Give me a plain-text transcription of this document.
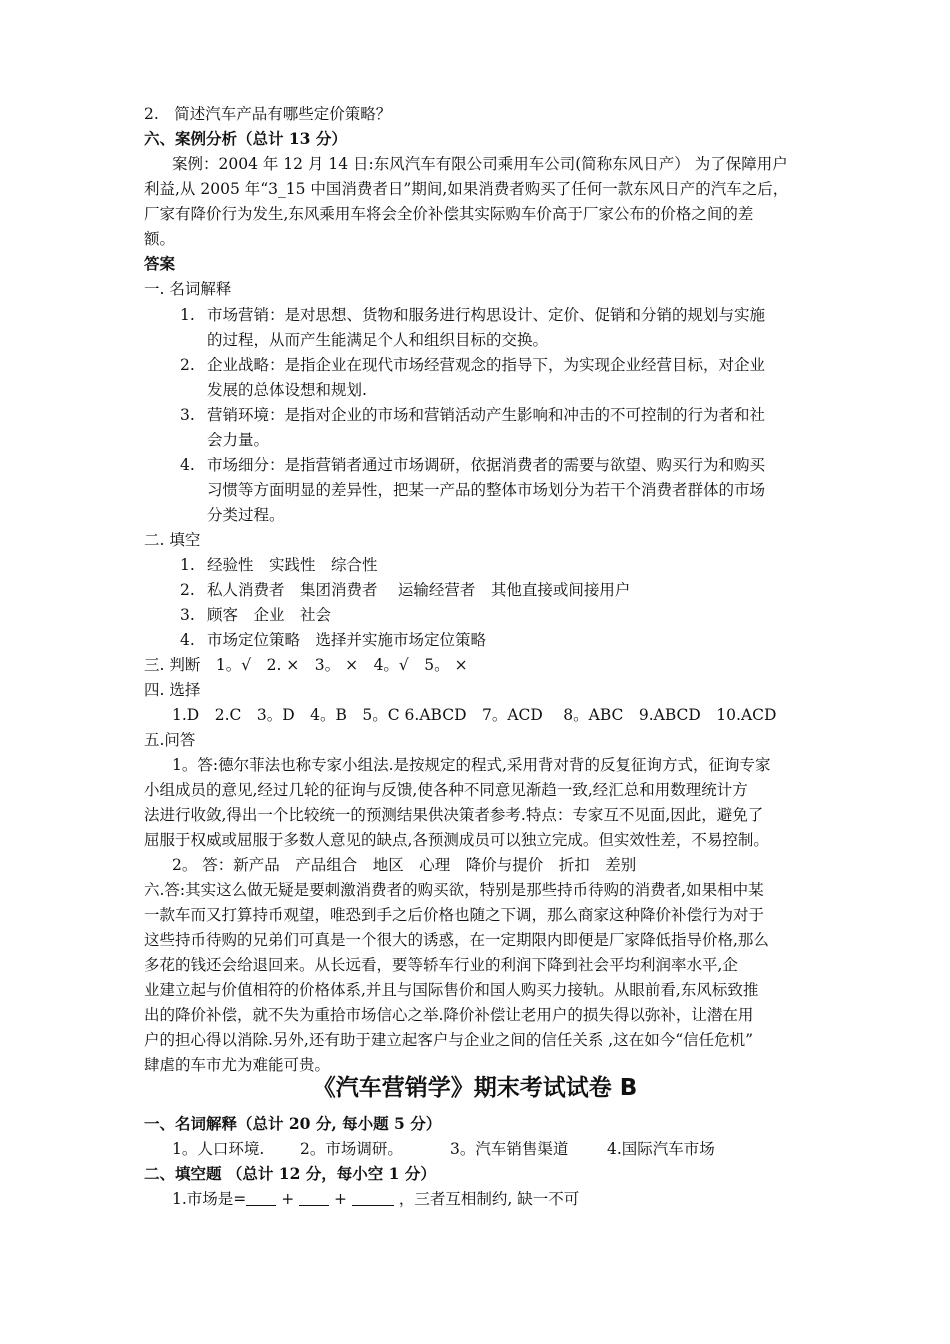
2.　简述汽车产品有哪些定价策略？
六、案例分析（总计 13 分）
案例：2004 年 12 月 14 日:东风汽车有限公司乘用车公司(简称东风日产） 为了保障用户
利益,从 2005 年“3_15 中国消费者日”期间,如果消费者购买了任何一款东风日产的汽车之后，
厂家有降价行为发生,东风乘用车将会全价补偿其实际购车价高于厂家公布的价格之间的差
额。
答案
一. 名词解释
1. 市场营销：是对思想、货物和服务进行构思设计、定价、促销和分销的规划与实施
的过程，从而产生能满足个人和组织目标的交换。
2. 企业战略：是指企业在现代市场经营观念的指导下，为实现企业经营目标，对企业
发展的总体设想和规划.
3. 营销环境：是指对企业的市场和营销活动产生影响和冲击的不可控制的行为者和社
会力量。
4. 市场细分：是指营销者通过市场调研，依据消费者的需要与欲望、购买行为和购买
习惯等方面明显的差异性，把某一产品的整体市场划分为若干个消费者群体的市场
分类过程。
二. 填空
1. 经验性　实践性　综合性
2. 私人消费者　集团消费者　 运输经营者　其他直接或间接用户
3. 顾客　企业　社会
4. 市场定位策略　选择并实施市场定位策略
三. 判断　1。√　2. ×　3。 ×　4。√　5。 ×
四. 选择
1.D　2.C　3。D　4。B　5。C 6.ABCD　7。ACD　 8。ABC　9.ABCD　10.ACD
五.问答
1。答:德尔菲法也称专家小组法.是按规定的程式,采用背对背的反复征询方式，征询专家
小组成员的意见,经过几轮的征询与反馈,使各种不同意见渐趋一致,经汇总和用数理统计方
法进行收敛,得出一个比较统一的预测结果供决策者参考.特点：专家互不见面,因此，避免了
屈服于权威或屈服于多数人意见的缺点,各预测成员可以独立完成。但实效性差，不易控制。
2。 答：新产品　产品组合　地区　心理　降价与提价　折扣　差别
六.答:其实这么做无疑是要刺激消费者的购买欲，特别是那些持币待购的消费者,如果相中某
一款车而又打算持币观望，唯恐到手之后价格也随之下调，那么商家这种降价补偿行为对于
这些持币待购的兄弟们可真是一个很大的诱惑，在一定期限内即便是厂家降低指导价格,那么
多花的钱还会给退回来。从长远看，要等轿车行业的利润下降到社会平均利润率水平,企
业建立起与价值相符的价格体系,并且与国际售价和国人购买力接轨。从眼前看,东风标致推
出的降价补偿，就不失为重拾市场信心之举.降价补偿让老用户的损失得以弥补，让潜在用
户的担心得以消除.另外,还有助于建立起客户与企业之间的信任关系 ,这在如今“信任危机”
肆虐的车市尤为难能可贵。
《汽车营销学》期末考试试卷 B
一、名词解释（总计 20 分, 每小题 5 分）
1。人口环境. 2。市场调研。	3。汽车销售渠道 4.国际汽车市场
二、填空题 （总计 12 分，每小空 1 分）
1.市场是= +  +	，三者互相制约, 缺一不可
